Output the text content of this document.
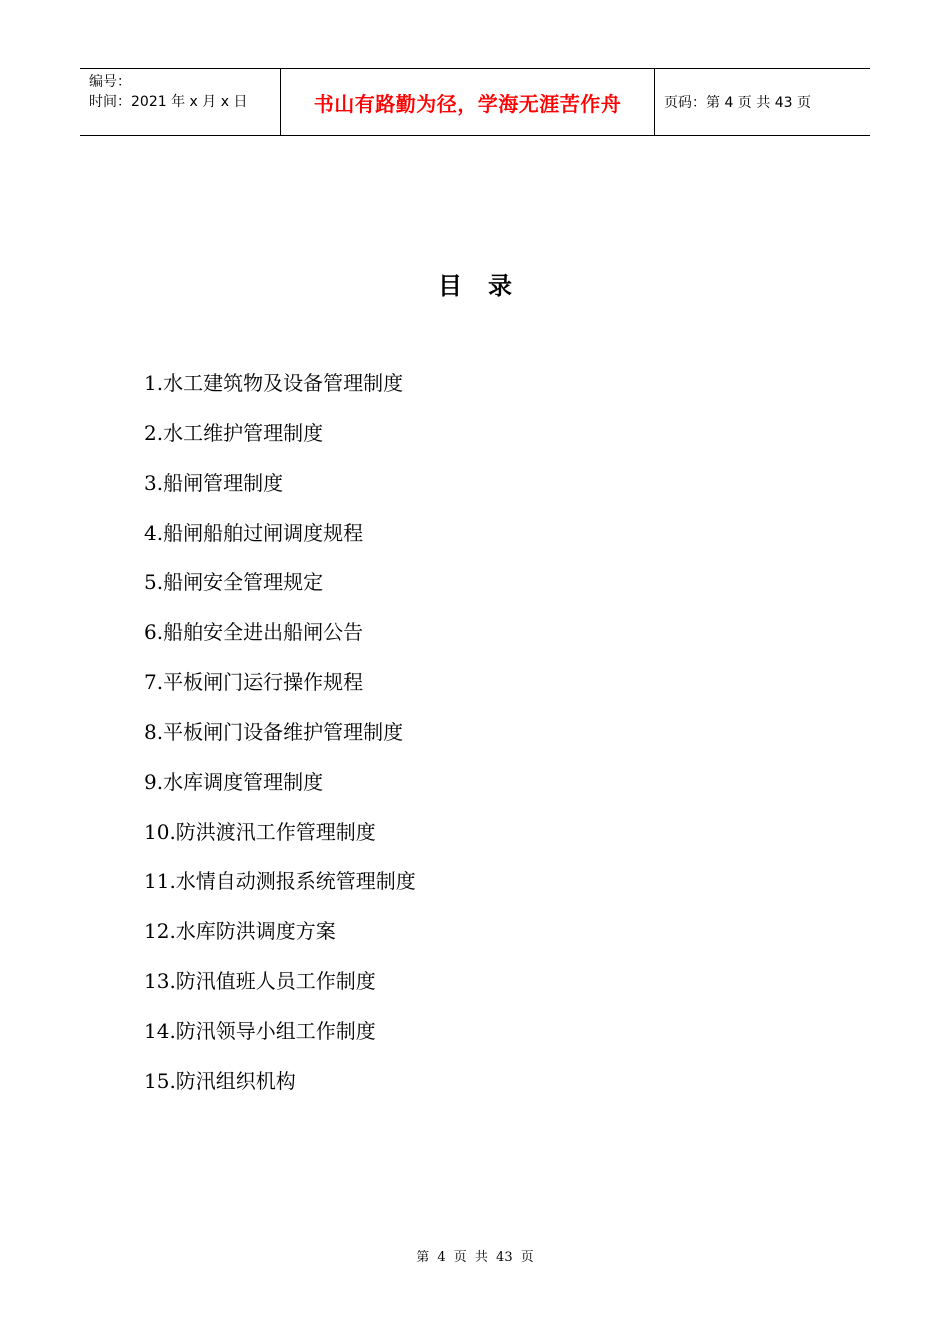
编号：
时间：2021 年 x 月 x 日	书山有路勤为径，学海无涯苦作舟	页码：第 4 页 共 43 页
目录
1.水工建筑物及设备管理制度
2.水工维护管理制度
3.船闸管理制度
4.船闸船舶过闸调度规程
5.船闸安全管理规定
6.船舶安全进出船闸公告
7.平板闸门运行操作规程
8.平板闸门设备维护管理制度
9.水库调度管理制度
10.防洪渡汛工作管理制度
11.水情自动测报系统管理制度
12.水库防洪调度方案
13.防汛值班人员工作制度
14.防汛领导小组工作制度
15.防汛组织机构
第 4 页 共 43 页
